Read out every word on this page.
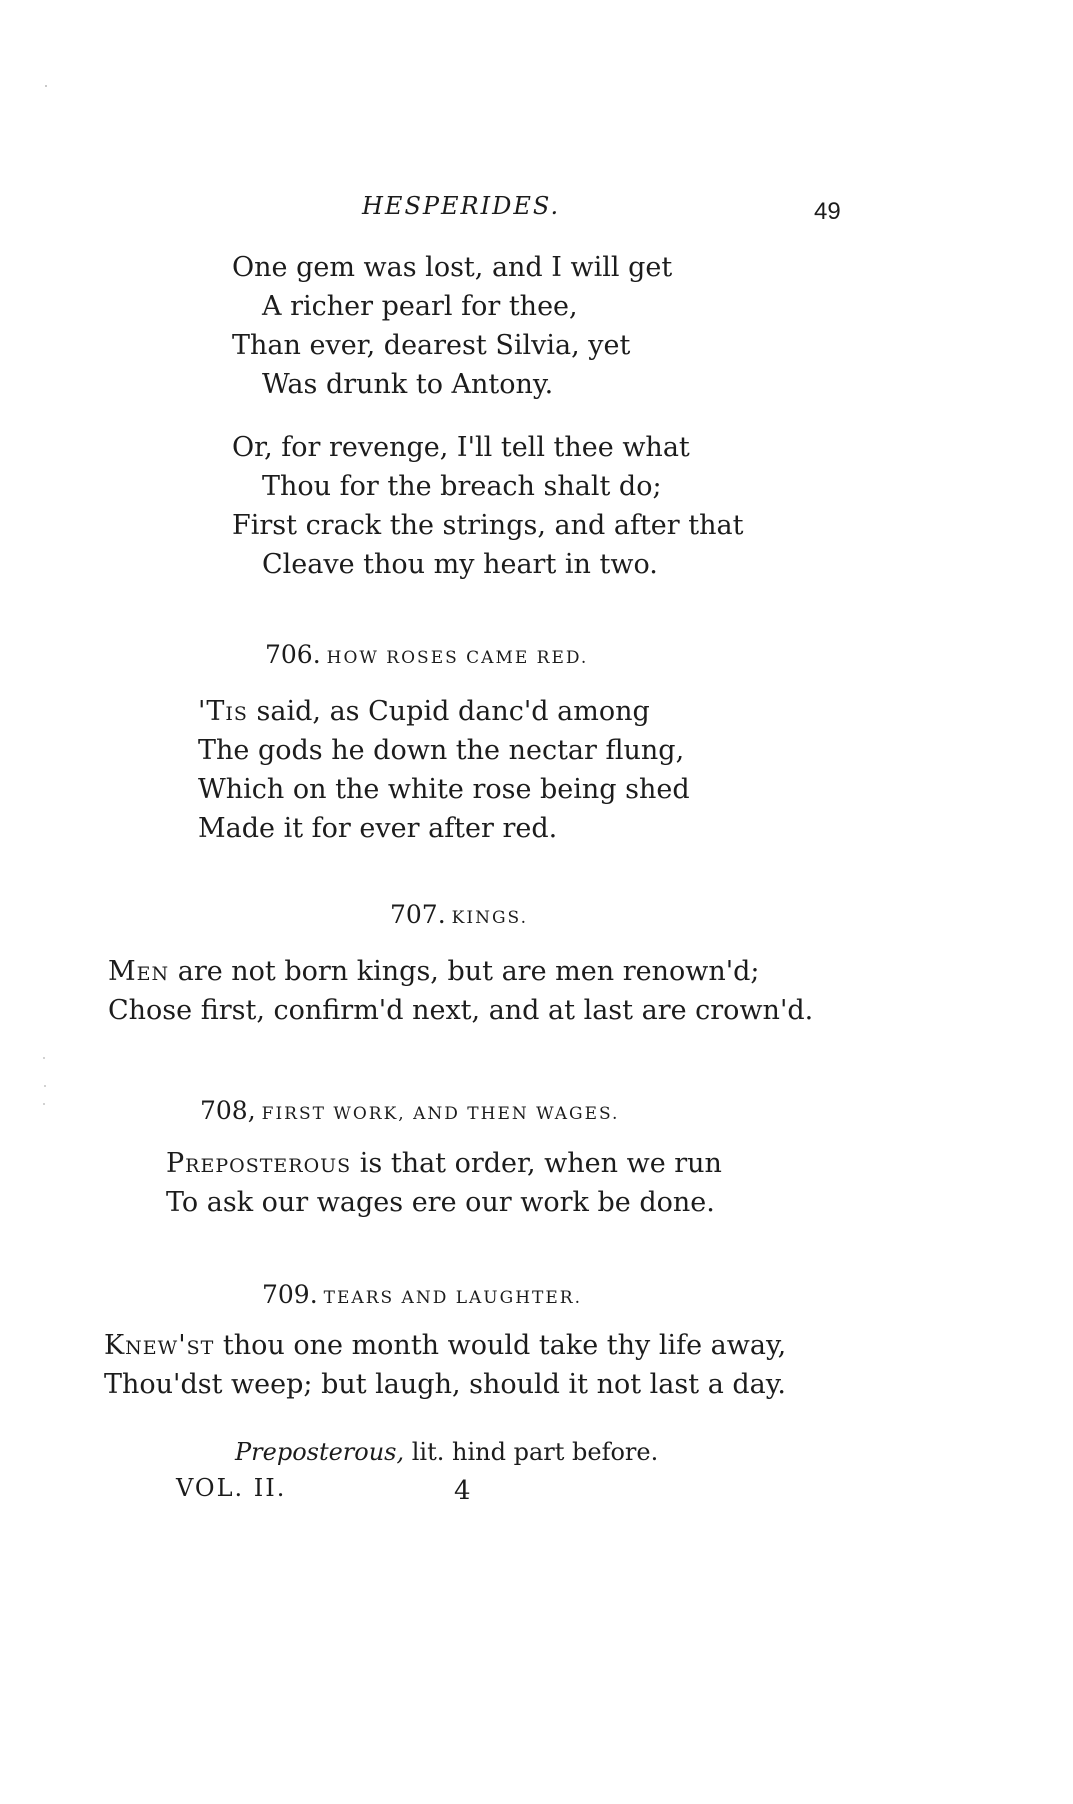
HESPERIDES.	49
One gem was lost, and I will get
A richer pearl for thee,
Than ever, dearest Silvia, yet
Was drunk to Antony.
Or, for revenge, I'll tell thee what
Thou for the breach shalt do;
First crack the strings, and after that
Cleave thou my heart in two.
706. HOW ROSES CAME RED.
'Tis said, as Cupid danc'd among
The gods he down the nectar flung,
Which on the white rose being shed
Made it for ever after red.
707. KINGS.
Men are not born kings, but are men renown'd;
Chose first, confirm'd next, and at last are crown'd.
708, FIRST WORK, AND THEN WAGES.
Preposterous is that order, when we run
To ask our wages ere our work be done.
709. TEARS AND LAUGHTER.
Knew'st thou one month would take thy life away,
Thou'dst weep; but laugh, should it not last a day.
Preposterous, lit. hind part before.
VOL. II.	4
